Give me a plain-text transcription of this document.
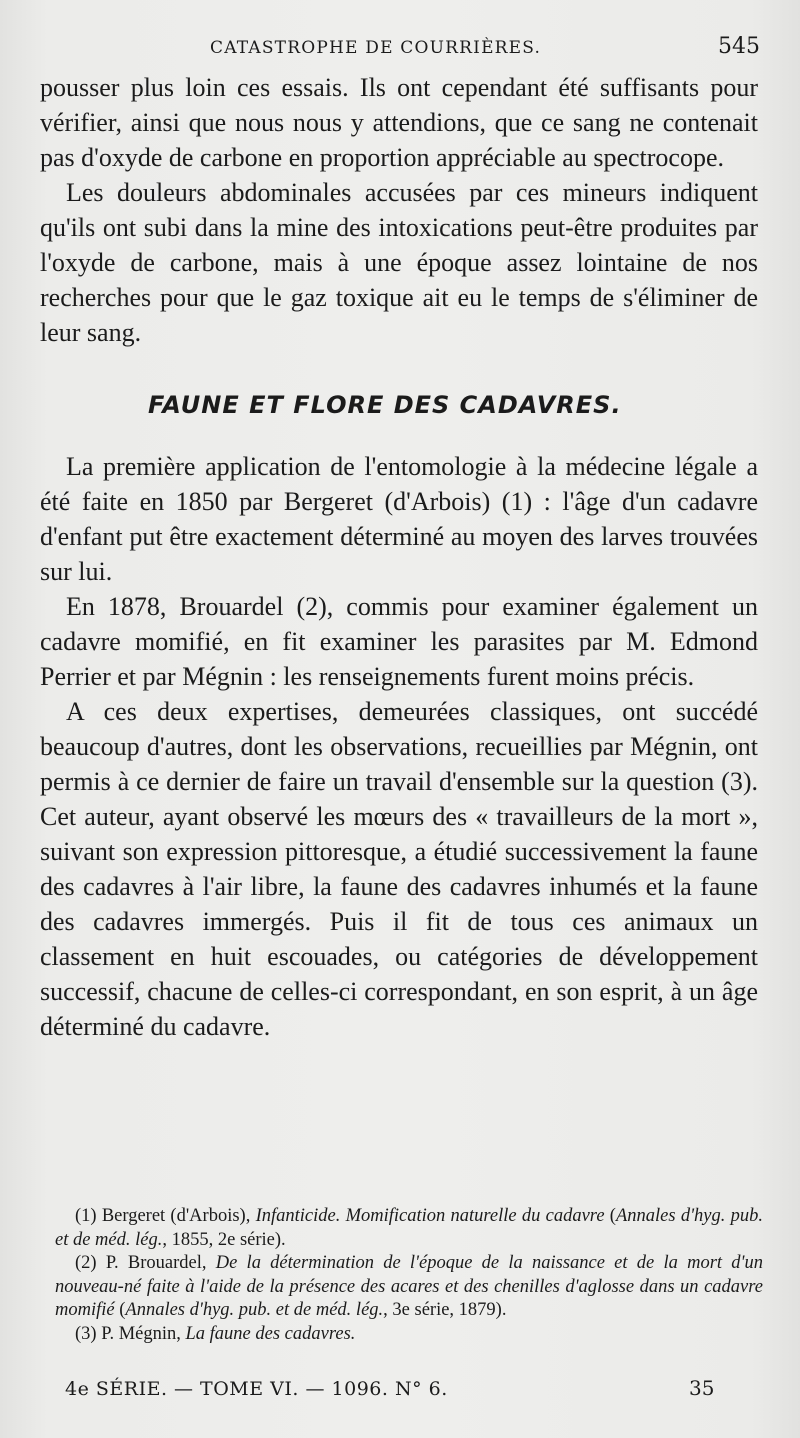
CATASTROPHE DE COURRIÈRES.	545

pousser plus loin ces essais. Ils ont cependant été suffisants pour vérifier, ainsi que nous nous y attendions, que ce sang ne contenait pas d'oxyde de carbone en proportion appréciable au spectrocope.

Les douleurs abdominales accusées par ces mineurs indiquent qu'ils ont subi dans la mine des intoxications peut-être produites par l'oxyde de carbone, mais à une époque assez lointaine de nos recherches pour que le gaz toxique ait eu le temps de s'éliminer de leur sang.

FAUNE ET FLORE DES CADAVRES.

La première application de l'entomologie à la médecine légale a été faite en 1850 par Bergeret (d'Arbois) (1) : l'âge d'un cadavre d'enfant put être exactement déterminé au moyen des larves trouvées sur lui.

En 1878, Brouardel (2), commis pour examiner également un cadavre momifié, en fit examiner les parasites par M. Edmond Perrier et par Mégnin : les renseignements furent moins précis.

A ces deux expertises, demeurées classiques, ont succédé beaucoup d'autres, dont les observations, recueillies par Mégnin, ont permis à ce dernier de faire un travail d'ensemble sur la question (3). Cet auteur, ayant observé les mœurs des « travailleurs de la mort », suivant son expression pittoresque, a étudié successivement la faune des cadavres à l'air libre, la faune des cadavres inhumés et la faune des cadavres immergés. Puis il fit de tous ces animaux un classement en huit escouades, ou catégories de développement successif, chacune de celles-ci correspondant, en son esprit, à un âge déterminé du cadavre.

(1) Bergeret (d'Arbois), Infanticide. Momification naturelle du cadavre (Annales d'hyg. pub. et de méd. lég., 1855, 2e série).

(2) P. Brouardel, De la détermination de l'époque de la naissance et de la mort d'un nouveau-né faite à l'aide de la présence des acares et des chenilles d'aglosse dans un cadavre momifié (Annales d'hyg. pub. et de méd. lég., 3e série, 1879).

(3) P. Mégnin, La faune des cadavres.

4e SÉRIE. — TOME VI. — 1096. N° 6.	35
